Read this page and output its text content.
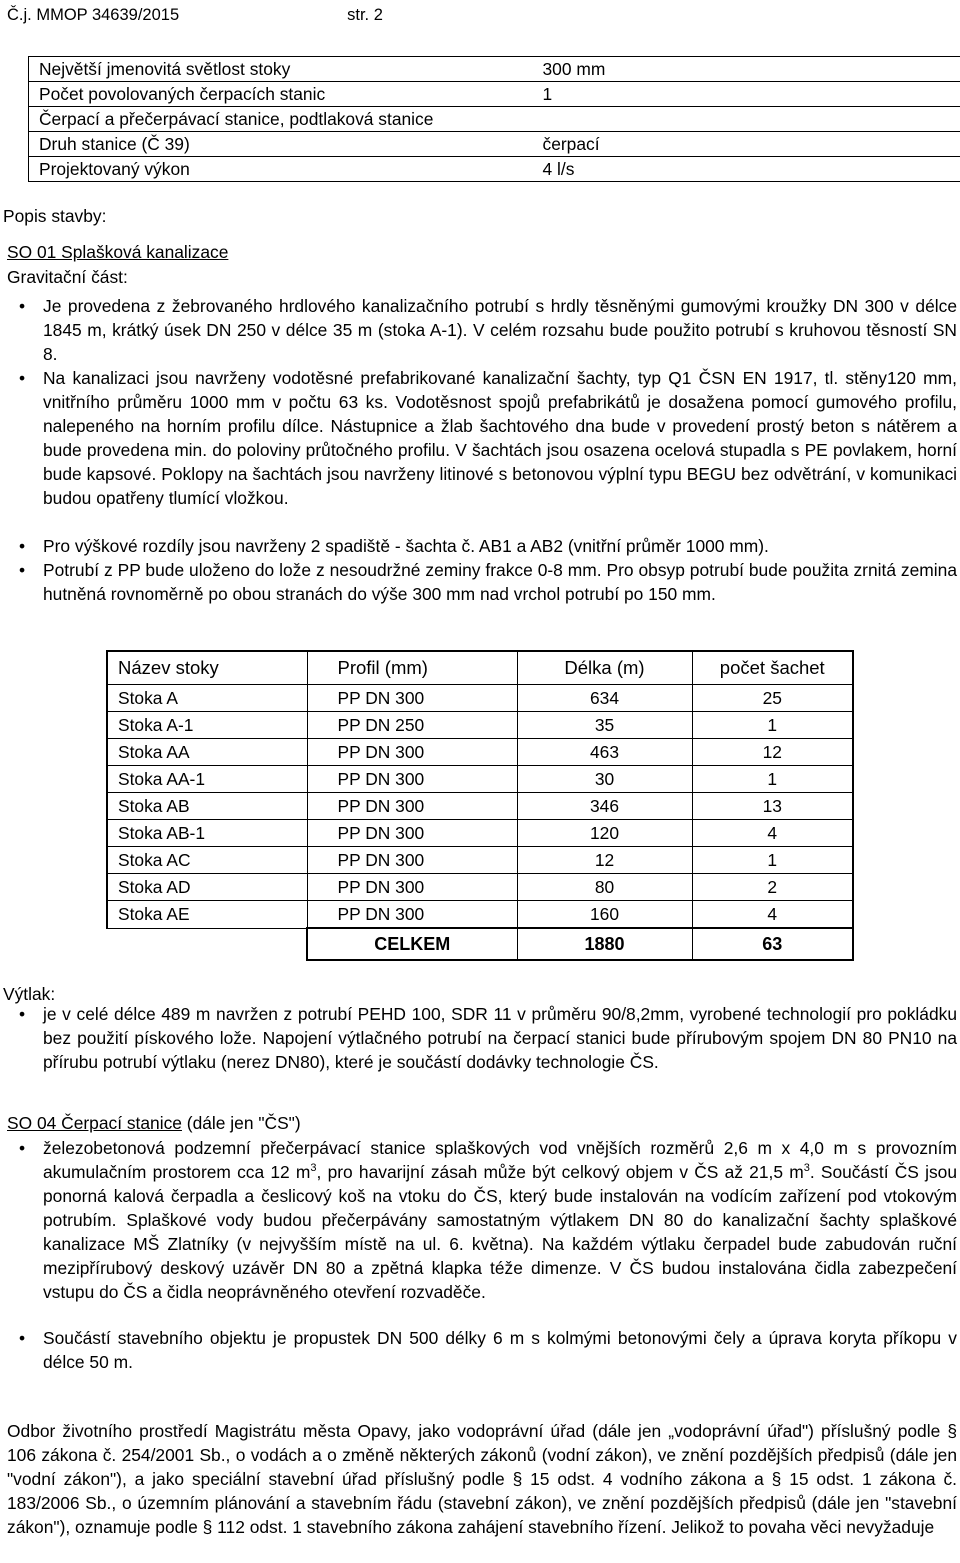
Č.j. MMOP 34639/2015	str. 2
Největší jmenovitá světlost stoky	300 mm
Počet povolovaných čerpacích stanic	1
Čerpací a přečerpávací stanice, podtlaková stanice	
Druh stanice (Č 39)	čerpací
Projektovaný výkon	4 l/s

Popis stavby:

SO 01 Splašková kanalizace

Gravitační část:

• Je provedena z žebrovaného hrdlového kanalizačního potrubí s hrdly těsněnými gumovými kroužky DN 300 v délce 1845 m, krátký úsek DN 250 v délce 35 m (stoka A-1). V celém rozsahu bude použito potrubí s kruhovou těsností SN 8.
• Na kanalizaci jsou navrženy vodotěsné prefabrikované kanalizační šachty, typ Q1 ČSN EN 1917, tl. stěny120 mm, vnitřního průměru 1000 mm v počtu 63 ks. Vodotěsnost spojů prefabrikátů je dosažena pomocí gumového profilu, nalepeného na horním profilu dílce. Nástupnice a žlab šachtového dna bude v provedení prostý beton s nátěrem a bude provedena min. do poloviny průtočného profilu. V šachtách jsou osazena ocelová stupadla s PE povlakem, horní bude kapsové. Poklopy na šachtách jsou navrženy litinové s betonovou výplní typu BEGU bez odvětrání, v komunikaci budou opatřeny tlumící vložkou.
• Pro výškové rozdíly jsou navrženy 2 spadiště - šachta č. AB1 a AB2 (vnitřní průměr 1000 mm).
• Potrubí z PP bude uloženo do lože z nesoudržné zeminy frakce 0-8 mm. Pro obsyp potrubí bude použita zrnitá zemina hutněná rovnoměrně po obou stranách do výše 300 mm nad vrchol potrubí po 150 mm.
Název stoky	Profil (mm)	Délka (m)	počet šachet
Stoka A	PP DN 300	634	25
Stoka A-1	PP DN 250	35	1
Stoka AA	PP DN 300	463	12
Stoka AA-1	PP DN 300	30	1
Stoka AB	PP DN 300	346	13
Stoka AB-1	PP DN 300	120	4
Stoka AC	PP DN 300	12	1
Stoka AD	PP DN 300	80	2
Stoka AE	PP DN 300	160	4
	CELKEM	1880	63

Výtlak:

• je v celé délce 489 m navržen z potrubí PEHD 100, SDR 11 v průměru 90/8,2mm, vyrobené technologií pro pokládku bez použití pískového lože. Napojení výtlačného potrubí na čerpací stanici bude přírubovým spojem DN 80 PN10 na přírubu potrubí výtlaku (nerez DN80), které je součástí dodávky technologie ČS.

SO 04 Čerpací stanice (dále jen "ČS")

• železobetonová podzemní přečerpávací stanice splaškových vod vnějších rozměrů 2,6 m x 4,0 m s provozním akumulačním prostorem cca 12 $m^3$, pro havarijní zásah může být celkový objem v ČS až 21,5 $m^3$. Součástí ČS jsou ponorná kalová čerpadla a česlicový koš na vtoku do ČS, který bude instalován na vodícím zařízení pod vtokovým potrubím. Splaškové vody budou přečerpávány samostatným výtlakem DN 80 do kanalizační šachty splaškové kanalizace MŠ Zlatníky (v nejvyšším místě na ul. 6. května). Na každém výtlaku čerpadel bude zabudován ruční mezipřírubový deskový uzávěr DN 80 a zpětná klapka téže dimenze. V ČS budou instalována čidla zabezpečení vstupu do ČS a čidla neoprávněného otevření rozvaděče.
• Součástí stavebního objektu je propustek DN 500 délky 6 m s kolmými betonovými čely a úprava koryta příkopu v délce 50 m.

Odbor životního prostředí Magistrátu města Opavy, jako vodoprávní úřad (dále jen „vodoprávní úřad") příslušný podle § 106 zákona č. 254/2001 Sb., o vodách a o změně některých zákonů (vodní zákon), ve znění pozdějších předpisů (dále jen "vodní zákon"), a jako speciální stavební úřad příslušný podle § 15 odst. 4 vodního zákona a § 15 odst. 1 zákona č. 183/2006 Sb., o územním plánování a stavebním řádu (stavební zákon), ve znění pozdějších předpisů (dále jen "stavební zákon"), oznamuje podle § 112 odst. 1 stavebního zákona zahájení stavebního řízení. Jelikož to povaha věci nevyžaduje
